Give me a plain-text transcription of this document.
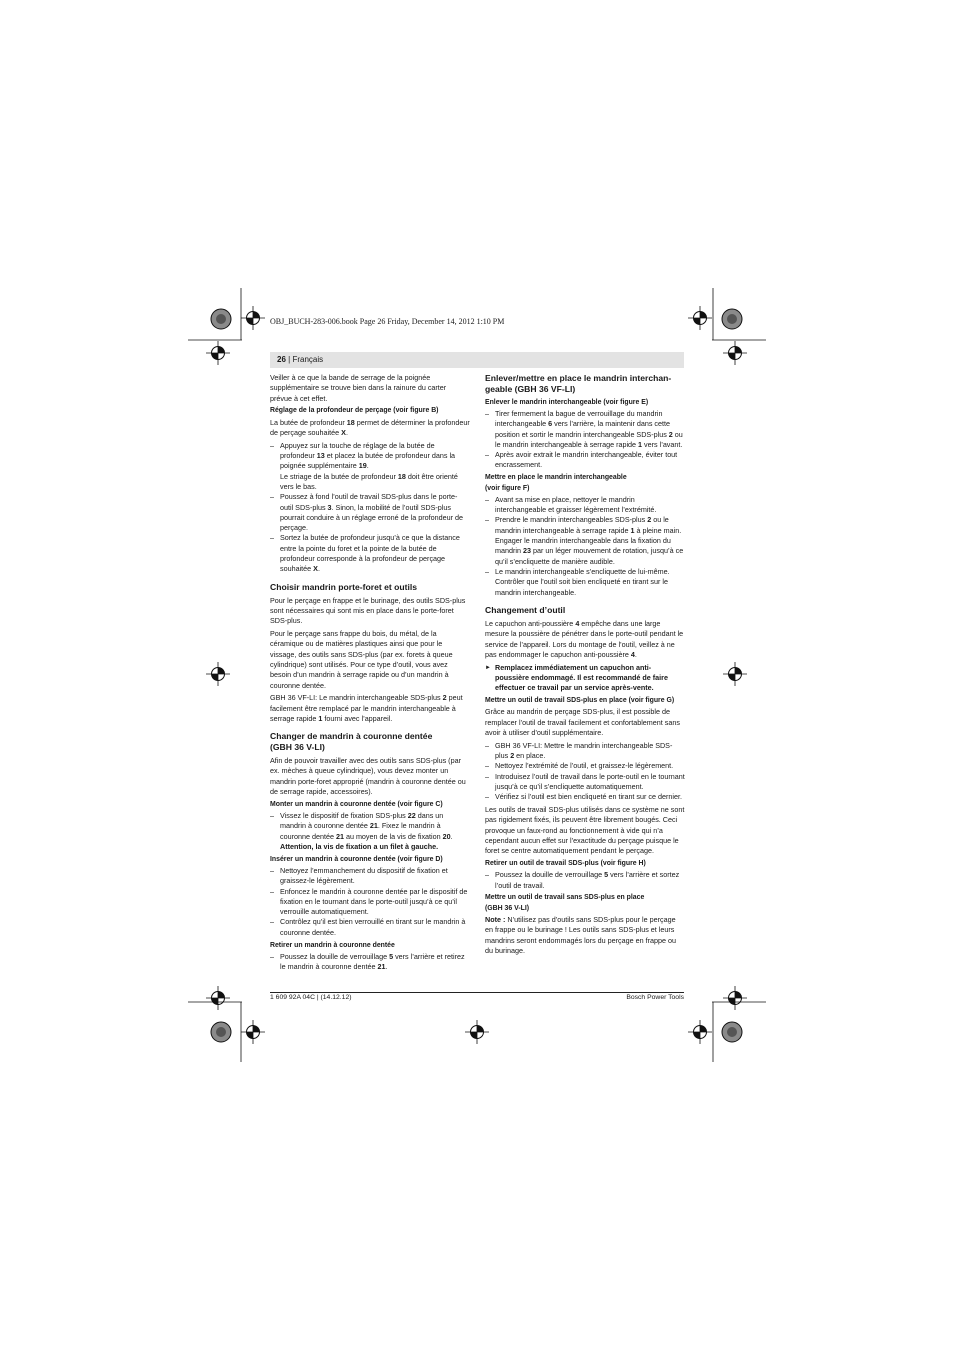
OBJ_BUCH-283-006.book Page 26 Friday, December 14, 2012 1:10 PM
26 | Français

Veiller à ce que la bande de serrage de la poignée supplémentaire se trouve bien dans la rainure du carter prévue à cet effet.

Réglage de la profondeur de perçage (voir figure B)

La butée de profondeur 18 permet de déterminer la profondeur de perçage souhaitée X.

– Appuyez sur la touche de réglage de la butée de profondeur 13 et placez la butée de profondeur dans la poignée supplémentaire 19.
Le striage de la butée de profondeur 18 doit être orienté vers le bas.
– Poussez à fond l’outil de travail SDS-plus dans le porte-outil SDS-plus 3. Sinon, la mobilité de l’outil SDS-plus pourrait conduire à un réglage erroné de la profondeur de perçage.
– Sortez la butée de profondeur jusqu’à ce que la distance entre la pointe du foret et la pointe de la butée de profondeur corresponde à la profondeur de perçage souhaitée X.
Choisir mandrin porte-foret et outils

Pour le perçage en frappe et le burinage, des outils SDS-plus sont nécessaires qui sont mis en place dans le porte-foret SDS-plus.

Pour le perçage sans frappe du bois, du métal, de la céramique ou de matières plastiques ainsi que pour le vissage, des outils sans SDS-plus (par ex. forets à queue cylindrique) sont utilisés. Pour ce type d’outil, vous avez besoin d’un mandrin à serrage rapide ou d’un mandrin à couronne dentée.

GBH 36 VF-LI: Le mandrin interchangeable SDS-plus 2 peut facilement être remplacé par le mandrin interchangeable à serrage rapide 1 fourni avec l’appareil.

Changer de mandrin à couronne dentée
(GBH 36 V-LI)

Afin de pouvoir travailler avec des outils sans SDS-plus (par ex. mèches à queue cylindrique), vous devez monter un mandrin porte-foret approprié (mandrin à couronne dentée ou de serrage rapide, accessoires).

Monter un mandrin à couronne dentée (voir figure C)
– Vissez le dispositif de fixation SDS-plus 22 dans un mandrin à couronne dentée 21. Fixez le mandrin à couronne dentée 21 au moyen de la vis de fixation 20. Attention, la vis de fixation a un filet à gauche.
Insérer un mandrin à couronne dentée (voir figure D)
– Nettoyez l’emmanchement du dispositif de fixation et graissez-le légèrement.
– Enfoncez le mandrin à couronne dentée par le dispositif de fixation en le tournant dans le porte-outil jusqu’à ce qu’il verrouille automatiquement.
– Contrôlez qu’il est bien verrouillé en tirant sur le mandrin à couronne dentée.
Retirer un mandrin à couronne dentée
– Poussez la douille de verrouillage 5 vers l’arrière et retirez le mandrin à couronne dentée 21.
Enlever/mettre en place le mandrin interchan-
geable (GBH 36 VF-LI)
Enlever le mandrin interchangeable (voir figure E)
– Tirer fermement la bague de verrouillage du mandrin interchangeable 6 vers l’arrière, la maintenir dans cette position et sortir le mandrin interchangeable SDS-plus 2 ou le mandrin interchangeable à serrage rapide 1 vers l’avant.
– Après avoir extrait le mandrin interchangeable, éviter tout encrassement.
Mettre en place le mandrin interchangeable
(voir figure F)
– Avant sa mise en place, nettoyer le mandrin interchangeable et graisser légèrement l’extrémité.
– Prendre le mandrin interchangeables SDS-plus 2 ou le mandrin interchangeable à serrage rapide 1 à pleine main. Engager le mandrin interchangeable dans la fixation du mandrin 23 par un léger mouvement de rotation, jusqu’à ce qu’il s’encliquette de manière audible.
– Le mandrin interchangeable s’encliquette de lui-même. Contrôler que l’outil soit bien encliqueté en tirant sur le mandrin interchangeable.
Changement d’outil

Le capuchon anti-poussière 4 empêche dans une large mesure la poussière de pénétrer dans le porte-outil pendant le service de l’appareil. Lors du montage de l’outil, veillez à ne pas endommager le capuchon anti-poussière 4.

► Remplacez immédiatement un capuchon anti-poussière endommagé. Il est recommandé de faire effectuer ce travail par un service après-vente.

Mettre un outil de travail SDS-plus en place (voir figure G)

Grâce au mandrin de perçage SDS-plus, il est possible de remplacer l’outil de travail facilement et confortablement sans avoir à utiliser d’outil supplémentaire.

– GBH 36 VF-LI: Mettre le mandrin interchangeable SDS-plus 2 en place.
– Nettoyez l’extrémité de l’outil, et graissez-le légèrement.
– Introduisez l’outil de travail dans le porte-outil en le tournant jusqu’à ce qu’il s’encliquette automatiquement.
– Vérifiez si l’outil est bien encliqueté en tirant sur ce dernier.

Les outils de travail SDS-plus utilisés dans ce système ne sont pas rigidement fixés, ils peuvent être librement bougés. Ceci provoque un faux-rond au fonctionnement à vide qui n’a cependant aucun effet sur l’exactitude du perçage puisque le foret se centre automatiquement pendant le perçage.

Retirer un outil de travail SDS-plus (voir figure H)
– Poussez la douille de verrouillage 5 vers l’arrière et sortez l’outil de travail.
Mettre un outil de travail sans SDS-plus en place
(GBH 36 V-LI)

Note : N’utilisez pas d’outils sans SDS-plus pour le perçage en frappe ou le burinage ! Les outils sans SDS-plus et leurs mandrins seront endommagés lors du perçage en frappe ou du burinage.

1 609 92A 04C | (14.12.12)	Bosch Power Tools
